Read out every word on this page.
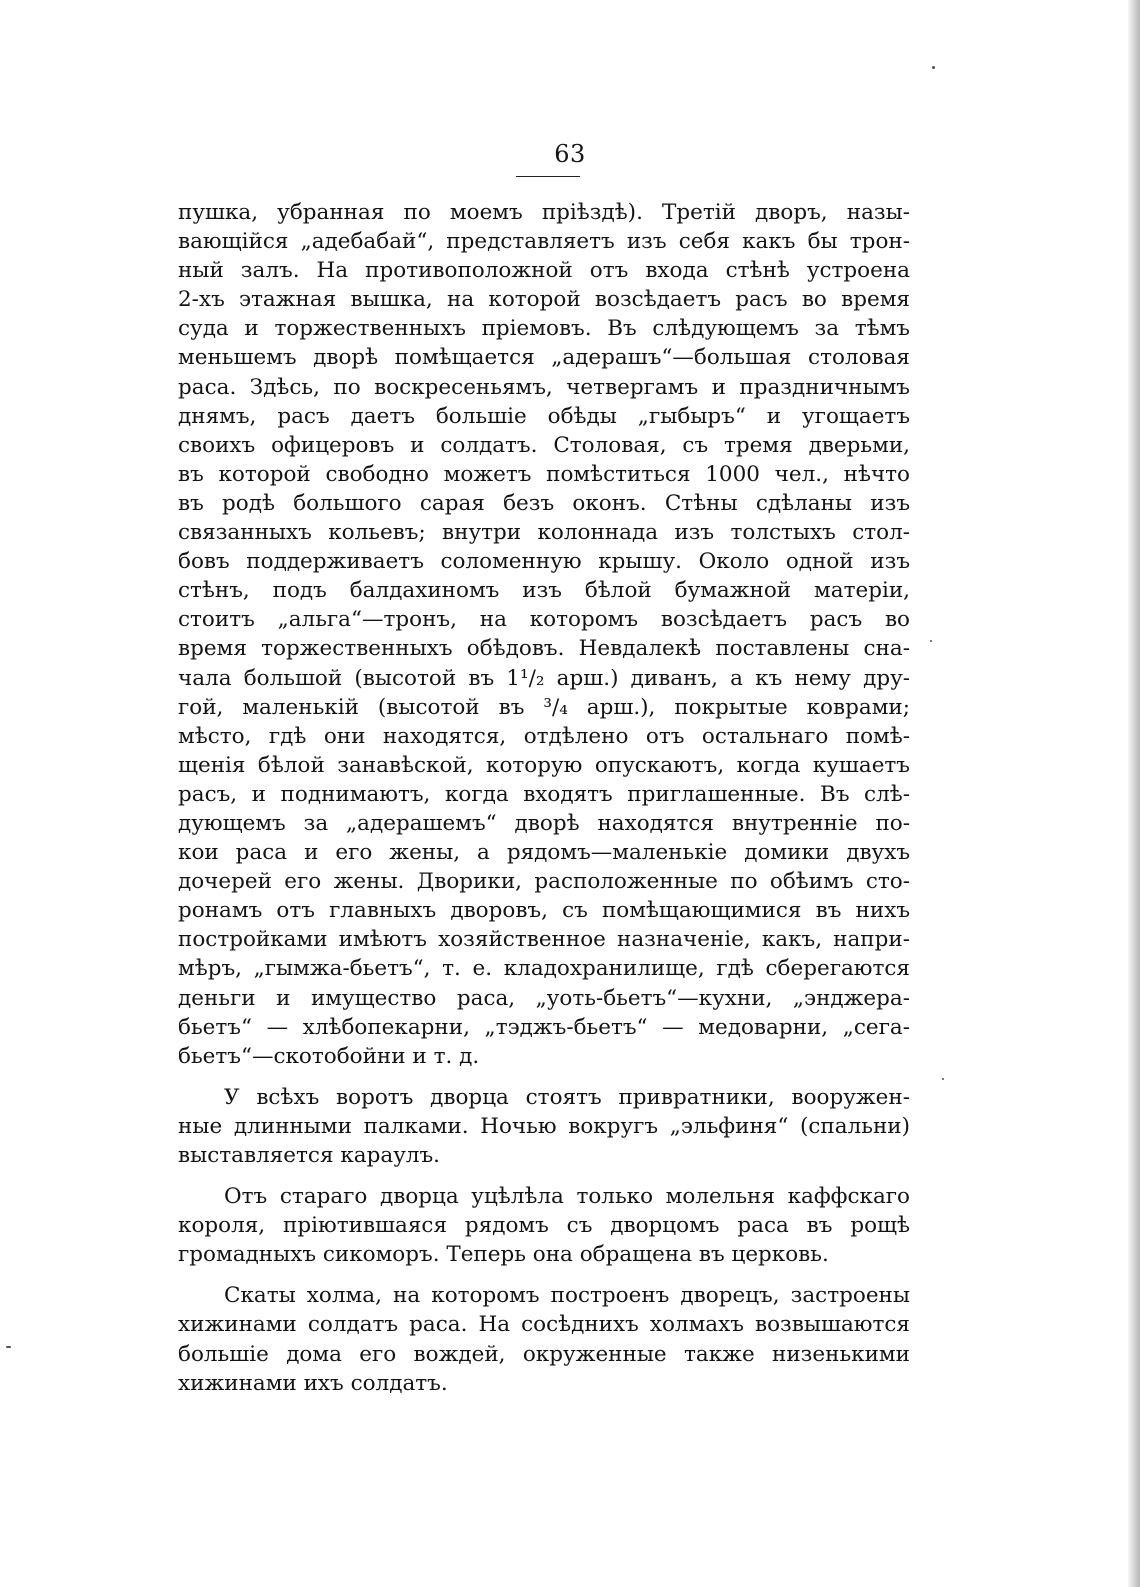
63
пушка, убранная по моемъ пріѣздѣ). Третій дворъ, назы-
вающійся „адебабай“, представляетъ изъ себя какъ бы трон-
ный залъ. На противоположной отъ входа стѣнѣ устроена
2-хъ этажная вышка, на которой возсѣдаетъ расъ во время
суда и торжественныхъ пріемовъ. Въ слѣдующемъ за тѣмъ
меньшемъ дворѣ помѣщается „адерашъ“—большая столовая
раса. Здѣсь, по воскресеньямъ, четвергамъ и праздничнымъ
днямъ, расъ даетъ большіе обѣды „гыбыръ“ и угощаетъ
своихъ офицеровъ и солдатъ. Столовая, съ тремя дверьми,
въ которой свободно можетъ помѣститься 1000 чел., нѣчто
въ родѣ большого сарая безъ оконъ. Стѣны сдѣланы изъ
связанныхъ кольевъ; внутри колоннада изъ толстыхъ стол-
бовъ поддерживаетъ соломенную крышу. Около одной изъ
стѣнъ, подъ балдахиномъ изъ бѣлой бумажной матеріи,
стоитъ „альга“—тронъ, на которомъ возсѣдаетъ расъ во
время торжественныхъ обѣдовъ. Невдалекѣ поставлены сна-
чала большой (высотой въ 1¹/₂ арш.) диванъ, а къ нему дру-
гой, маленькій (высотой въ ³/₄ арш.), покрытые коврами;
мѣсто, гдѣ они находятся, отдѣлено отъ остальнаго помѣ-
щенія бѣлой занавѣской, которую опускаютъ, когда кушаетъ
расъ, и поднимаютъ, когда входятъ приглашенные. Въ слѣ-
дующемъ за „адерашемъ“ дворѣ находятся внутренніе по-
кои раса и его жены, а рядомъ—маленькіе домики двухъ
дочерей его жены. Дворики, расположенные по обѣимъ сто-
ронамъ отъ главныхъ дворовъ, съ помѣщающимися въ нихъ
постройками имѣютъ хозяйственное назначеніе, какъ, напри-
мѣръ, „гымжа-бьетъ“, т. е. кладохранилище, гдѣ сберегаются
деньги и имущество раса, „уоть-бьетъ“—кухни, „энджера-
бьетъ“ — хлѣбопекарни, „тэджъ-бьетъ“ — медоварни, „сега-
бьетъ“—скотобойни и т. д.
У всѣхъ воротъ дворца стоятъ привратники, вооружен-
ные длинными палками. Ночью вокругъ „эльфиня“ (спальни)
выставляется караулъ.
Отъ стараго дворца уцѣлѣла только молельня каффскаго
короля, пріютившаяся рядомъ съ дворцомъ раса въ рощѣ
громадныхъ сикоморъ. Теперь она обращена въ церковь.
Скаты холма, на которомъ построенъ дворецъ, застроены
хижинами солдатъ раса. На сосѣднихъ холмахъ возвышаются
большіе дома его вождей, окруженные также низенькими
хижинами ихъ солдатъ.
